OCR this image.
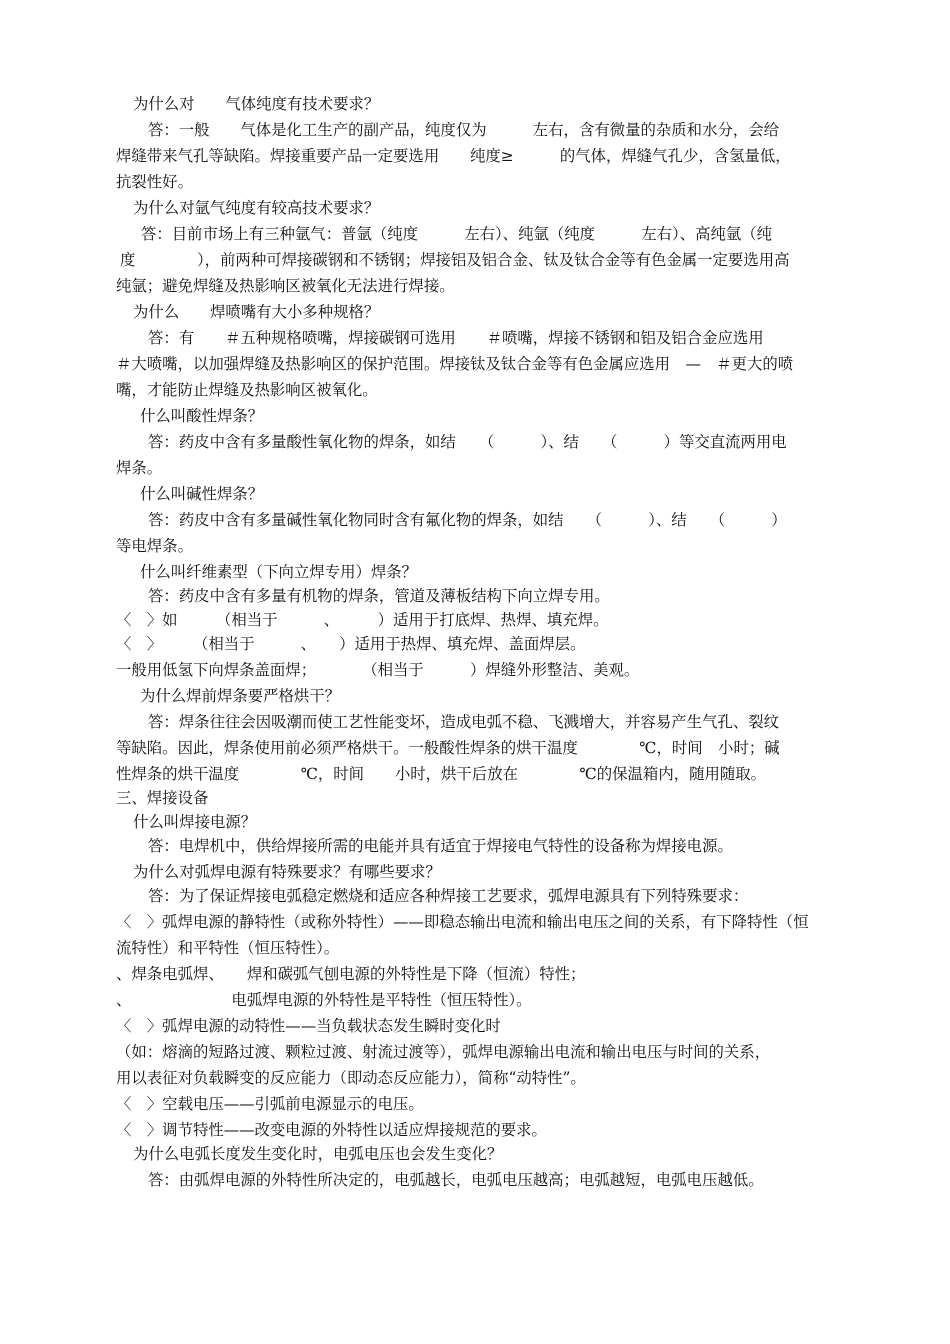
为什么对　　气体纯度有技术要求？
答：一般　　气体是化工生产的副产品，纯度仅为　　　左右，含有微量的杂质和水分，会给
焊缝带来气孔等缺陷。焊接重要产品一定要选用　　纯度≥　　　的气体，焊缝气孔少，含氢量低，
抗裂性好。
为什么对氩气纯度有较高技术要求？
答：目前市场上有三种氩气：普氩（纯度　　　左右）、纯氩（纯度　　　左右）、高纯氩（纯
度　　　　），前两种可焊接碳钢和不锈钢；焊接铝及铝合金、钛及钛合金等有色金属一定要选用高
纯氩；避免焊缝及热影响区被氧化无法进行焊接。
为什么　　焊喷嘴有大小多种规格？
答：有　　＃五种规格喷嘴，焊接碳钢可选用　　＃喷嘴，焊接不锈钢和铝及铝合金应选用
＃大喷嘴，以加强焊缝及热影响区的保护范围。焊接钛及钛合金等有色金属应选用　—　＃更大的喷
嘴，才能防止焊缝及热影响区被氧化。
什么叫酸性焊条？
答：药皮中含有多量酸性氧化物的焊条，如结　　（　　　）、结　　（　　　）等交直流两用电
焊条。
什么叫碱性焊条？
答：药皮中含有多量碱性氧化物同时含有氟化物的焊条，如结　　（　　　）、结　　（　　　）
等电焊条。
什么叫纤维素型（下向立焊专用）焊条？
答：药皮中含有多量有机物的焊条，管道及薄板结构下向立焊专用。
〈　〉如　　　（相当于　　　、　　　）适用于打底焊、热焊、填充焊。
〈　〉　　　（相当于　　　、　　）适用于热焊、填充焊、盖面焊层。
一般用低氢下向焊条盖面焊；　　　　（相当于　　　）焊缝外形整洁、美观。
为什么焊前焊条要严格烘干？
答：焊条往往会因吸潮而使工艺性能变坏，造成电弧不稳、飞溅增大，并容易产生气孔、裂纹
等缺陷。因此，焊条使用前必须严格烘干。一般酸性焊条的烘干温度　　　　℃，时间　小时；碱
性焊条的烘干温度　　　　℃，时间　　小时，烘干后放在　　　　℃的保温箱内，随用随取。
三、焊接设备
什么叫焊接电源？
答：电焊机中，供给焊接所需的电能并具有适宜于焊接电气特性的设备称为焊接电源。
为什么对弧焊电源有特殊要求？有哪些要求？
答：为了保证焊接电弧稳定燃烧和适应各种焊接工艺要求，弧焊电源具有下列特殊要求：
〈　〉弧焊电源的静特性（或称外特性）——即稳态输出电流和输出电压之间的关系，有下降特性（恒
流特性）和平特性（恒压特性）。
、焊条电弧焊、　　焊和碳弧气刨电源的外特性是下降（恒流）特性；
、　　　　　　　电弧焊电源的外特性是平特性（恒压特性）。
〈　〉弧焊电源的动特性——当负载状态发生瞬时变化时
（如：熔滴的短路过渡、颗粒过渡、射流过渡等），弧焊电源输出电流和输出电压与时间的关系，
用以表征对负载瞬变的反应能力（即动态反应能力），简称“动特性”。
〈　〉空载电压——引弧前电源显示的电压。
〈　〉调节特性——改变电源的外特性以适应焊接规范的要求。
为什么电弧长度发生变化时，电弧电压也会发生变化？
答：由弧焊电源的外特性所决定的，电弧越长，电弧电压越高；电弧越短，电弧电压越低。
